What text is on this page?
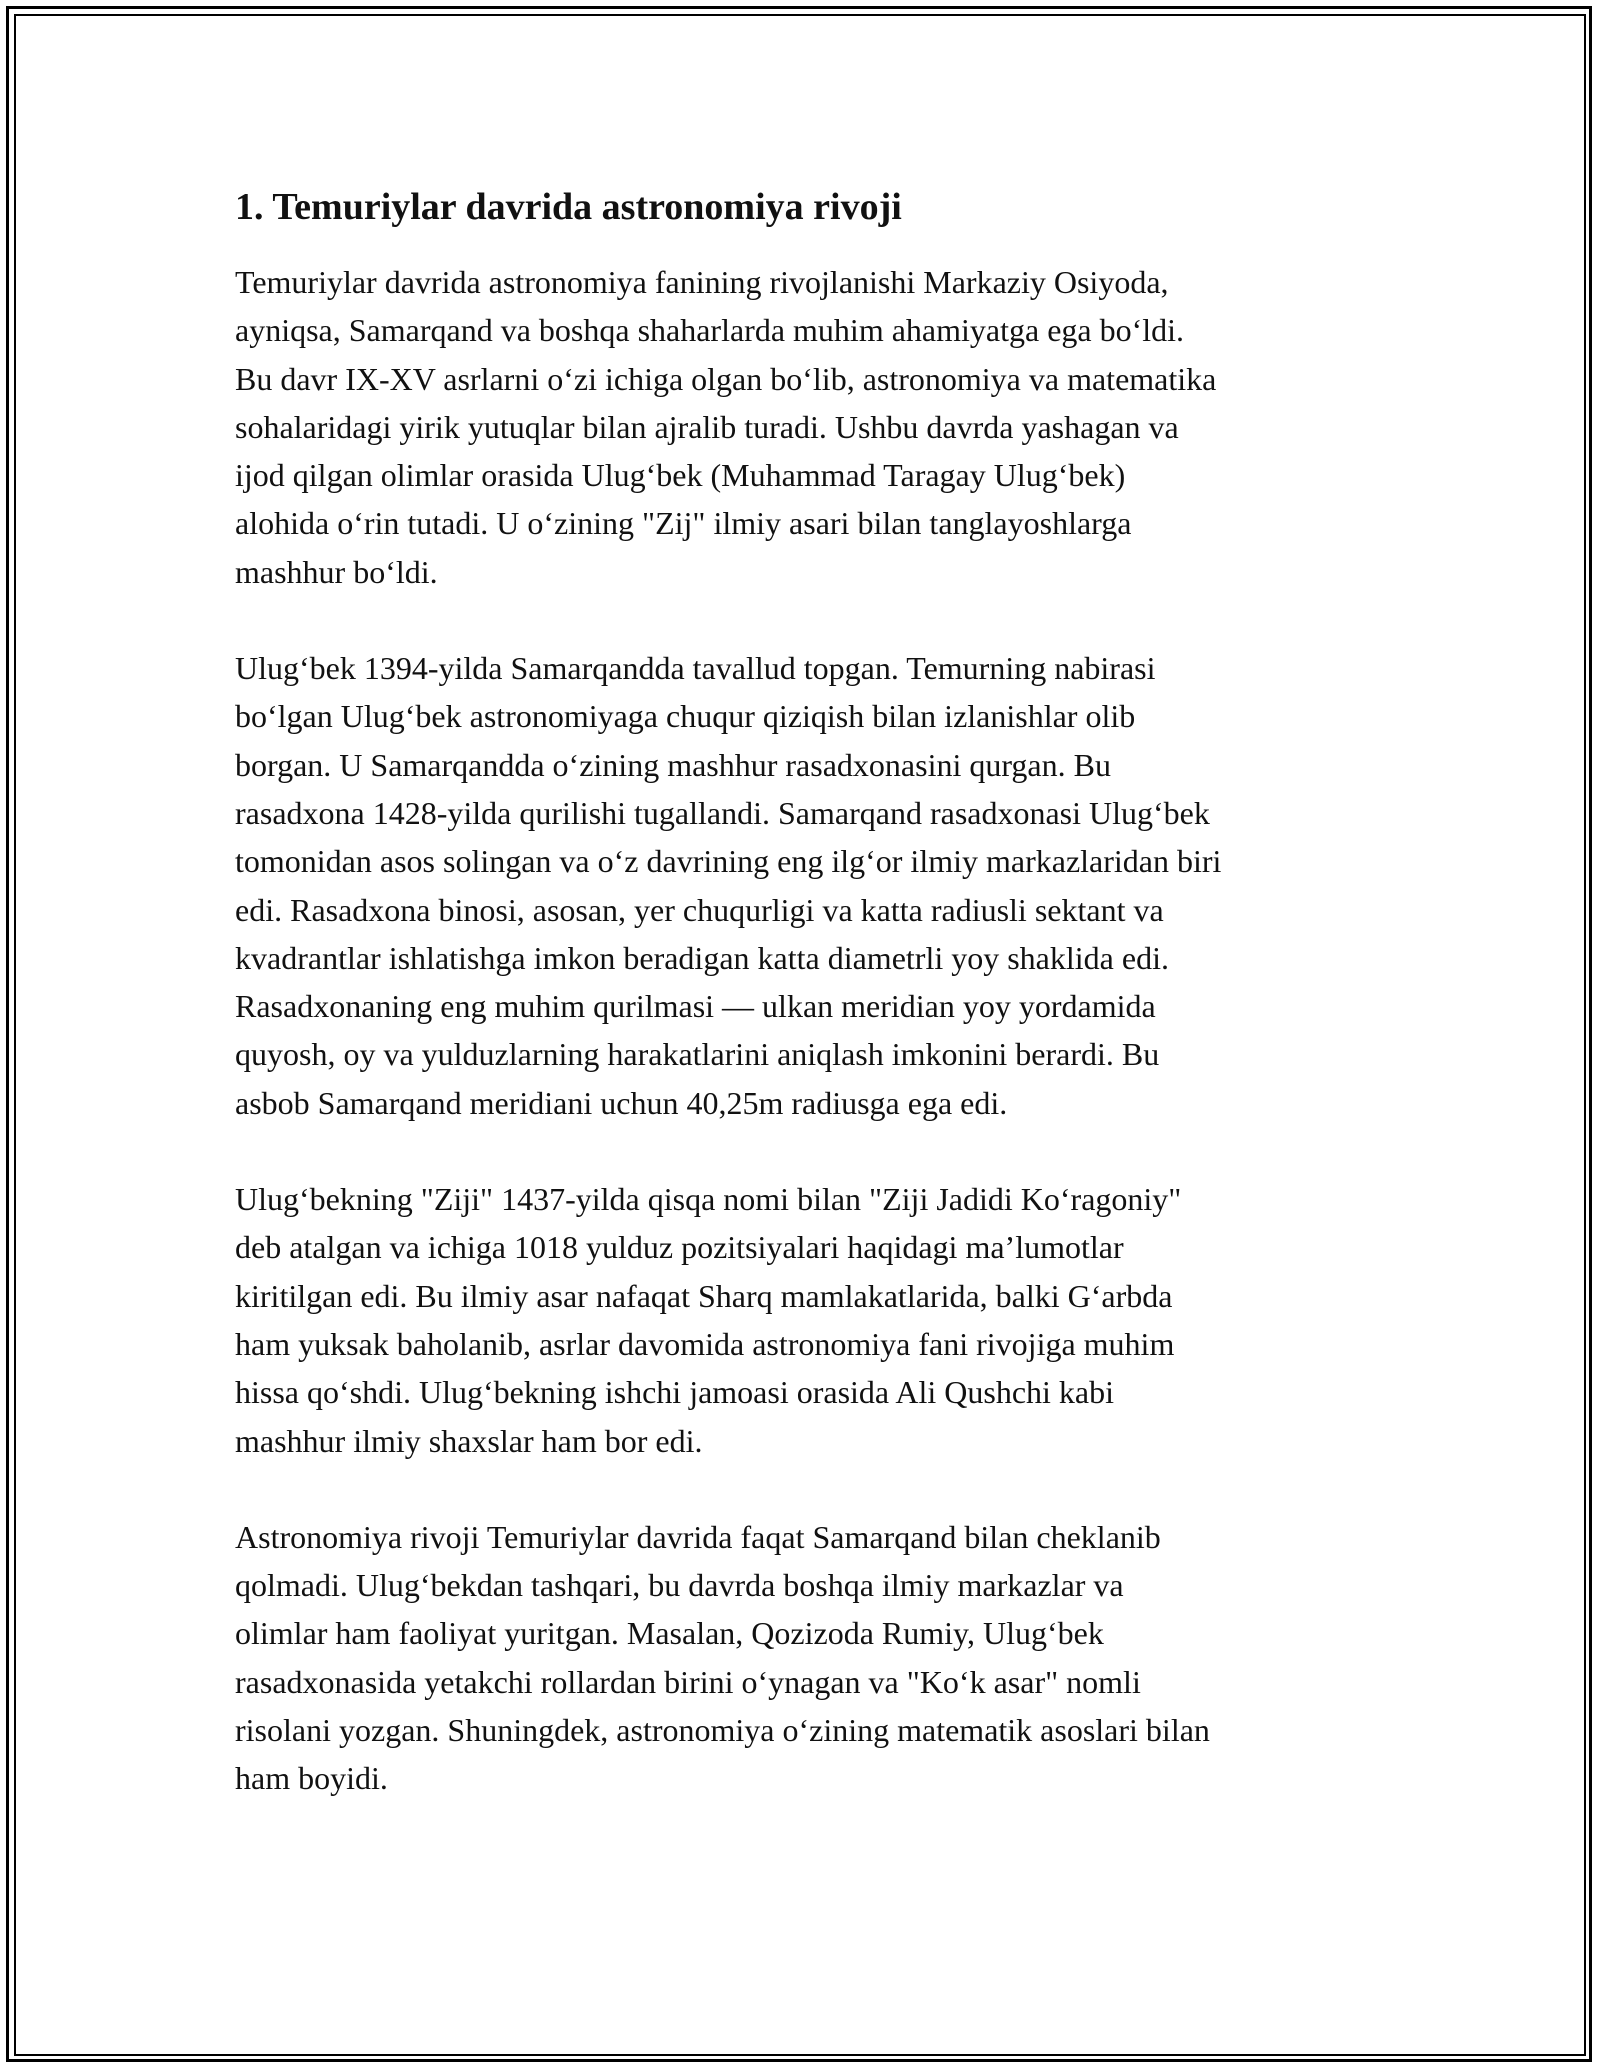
1. Temuriylar davrida astronomiya rivoji

Temuriylar davrida astronomiya fanining rivojlanishi Markaziy Osiyoda,
ayniqsa, Samarqand va boshqa shaharlarda muhim ahamiyatga ega bo‘ldi.
Bu davr IX-XV asrlarni o‘zi ichiga olgan bo‘lib, astronomiya va matematika
sohalaridagi yirik yutuqlar bilan ajralib turadi. Ushbu davrda yashagan va
ijod qilgan olimlar orasida Ulug‘bek (Muhammad Taragay Ulug‘bek)
alohida o‘rin tutadi. U o‘zining "Zij" ilmiy asari bilan tanglayoshlarga
mashhur bo‘ldi.

Ulug‘bek 1394-yilda Samarqandda tavallud topgan. Temurning nabirasi
bo‘lgan Ulug‘bek astronomiyaga chuqur qiziqish bilan izlanishlar olib
borgan. U Samarqandda o‘zining mashhur rasadxonasini qurgan. Bu
rasadxona 1428-yilda qurilishi tugallandi. Samarqand rasadxonasi Ulug‘bek
tomonidan asos solingan va o‘z davrining eng ilg‘or ilmiy markazlaridan biri
edi. Rasadxona binosi, asosan, yer chuqurligi va katta radiusli sektant va
kvadrantlar ishlatishga imkon beradigan katta diametrli yoy shaklida edi.
Rasadxonaning eng muhim qurilmasi — ulkan meridian yoy yordamida
quyosh, oy va yulduzlarning harakatlarini aniqlash imkonini berardi. Bu
asbob Samarqand meridiani uchun 40,25m radiusga ega edi.

Ulug‘bekning "Ziji" 1437-yilda qisqa nomi bilan "Ziji Jadidi Ko‘ragoniy"
deb atalgan va ichiga 1018 yulduz pozitsiyalari haqidagi ma’lumotlar
kiritilgan edi. Bu ilmiy asar nafaqat Sharq mamlakatlarida, balki G‘arbda
ham yuksak baholanib, asrlar davomida astronomiya fani rivojiga muhim
hissa qo‘shdi. Ulug‘bekning ishchi jamoasi orasida Ali Qushchi kabi
mashhur ilmiy shaxslar ham bor edi.

Astronomiya rivoji Temuriylar davrida faqat Samarqand bilan cheklanib
qolmadi. Ulug‘bekdan tashqari, bu davrda boshqa ilmiy markazlar va
olimlar ham faoliyat yuritgan. Masalan, Qozizoda Rumiy, Ulug‘bek
rasadxonasida yetakchi rollardan birini o‘ynagan va "Ko‘k asar" nomli
risolani yozgan. Shuningdek, astronomiya o‘zining matematik asoslari bilan
ham boyidi.
